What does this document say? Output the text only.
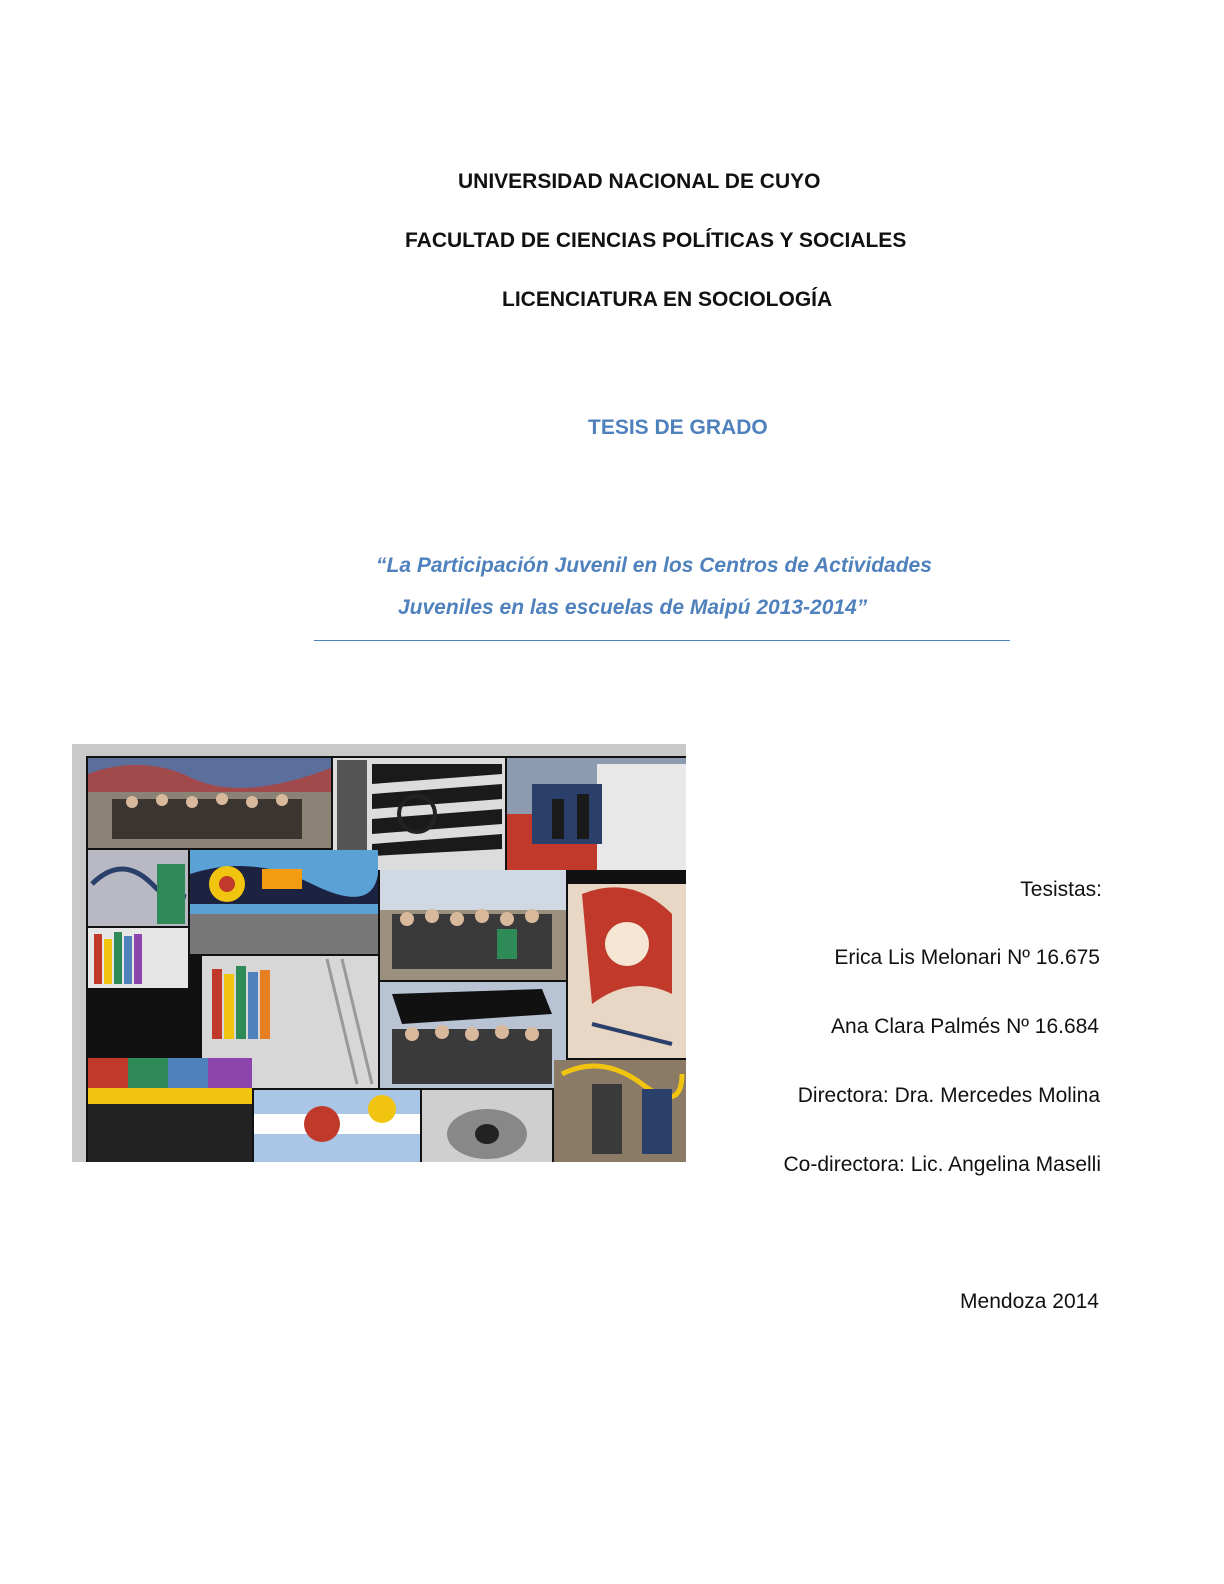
UNIVERSIDAD NACIONAL DE CUYO
FACULTAD DE CIENCIAS POLÍTICAS Y SOCIALES
LICENCIATURA EN SOCIOLOGÍA
TESIS DE GRADO
“La Participación Juvenil en los Centros de Actividades
Juveniles en las escuelas de Maipú 2013-2014”
Tesistas:
Erica Lis Melonari Nº 16.675
Ana Clara Palmés Nº 16.684
Directora: Dra. Mercedes Molina
Co-directora: Lic. Angelina Maselli
Mendoza 2014
